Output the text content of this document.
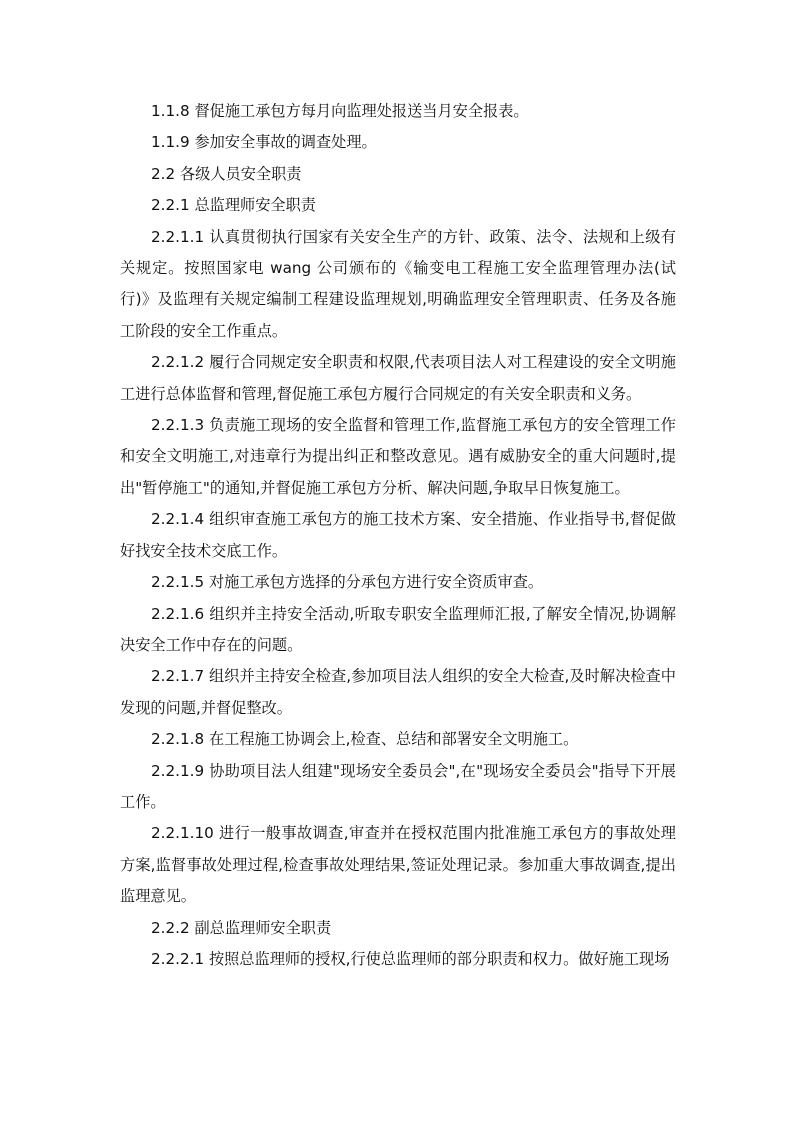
1.1.8 督促施工承包方每月向监理处报送当月安全报表。

1.1.9 参加安全事故的调查处理。

2.2 各级人员安全职责

2.2.1 总监理师安全职责

2.2.1.1 认真贯彻执行国家有关安全生产的方针、政策、法令、法规和上级有关规定。按照国家电 wang 公司颁布的《输变电工程施工安全监理管理办法(试行)》及监理有关规定编制工程建设监理规划,明确监理安全管理职责、任务及各施工阶段的安全工作重点。

2.2.1.2 履行合同规定安全职责和权限,代表项目法人对工程建设的安全文明施工进行总体监督和管理,督促施工承包方履行合同规定的有关安全职责和义务。

2.2.1.3 负责施工现场的安全监督和管理工作,监督施工承包方的安全管理工作和安全文明施工,对违章行为提出纠正和整改意见。遇有威胁安全的重大问题时,提出"暂停施工"的通知,并督促施工承包方分析、解决问题,争取早日恢复施工。

2.2.1.4 组织审查施工承包方的施工技术方案、安全措施、作业指导书,督促做好找安全技术交底工作。

2.2.1.5 对施工承包方选择的分承包方进行安全资质审查。

2.2.1.6 组织并主持安全活动,听取专职安全监理师汇报,了解安全情况,协调解决安全工作中存在的问题。

2.2.1.7 组织并主持安全检查,参加项目法人组织的安全大检查,及时解决检查中发现的问题,并督促整改。

2.2.1.8 在工程施工协调会上,检查、总结和部署安全文明施工。

2.2.1.9 协助项目法人组建"现场安全委员会",在"现场安全委员会"指导下开展工作。

2.2.1.10 进行一般事故调查,审查并在授权范围内批准施工承包方的事故处理方案,监督事故处理过程,检查事故处理结果,签证处理记录。参加重大事故调查,提出监理意见。

2.2.2 副总监理师安全职责

2.2.2.1 按照总监理师的授权,行使总监理师的部分职责和权力。做好施工现场
